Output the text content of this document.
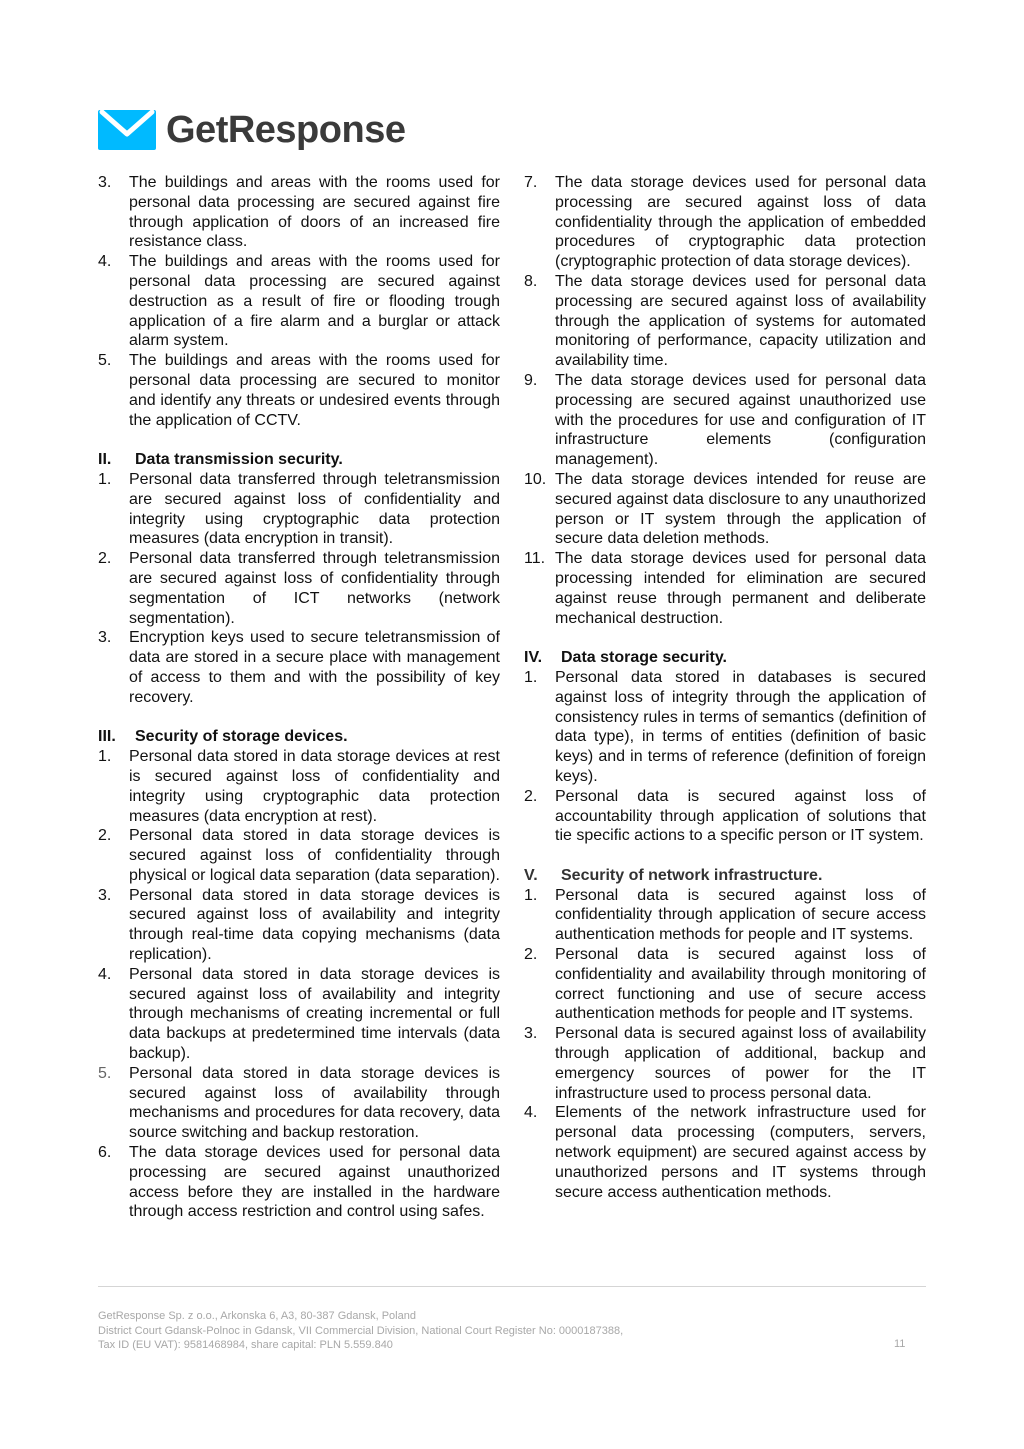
GetResponse
3. The buildings and areas with the rooms used for personal data processing are secured against fire through application of doors of an increased fire resistance class.
4. The buildings and areas with the rooms used for personal data processing are secured against destruction as a result of fire or flooding trough application of a fire alarm and a burglar or attack alarm system.
5. The buildings and areas with the rooms used for personal data processing are secured to monitor and identify any threats or undesired events through the application of CCTV.
II. Data transmission security.
1. Personal data transferred through teletransmission are secured against loss of confidentiality and integrity using cryptographic data protection measures (data encryption in transit).
2. Personal data transferred through teletransmission are secured against loss of confidentiality through segmentation of ICT networks (network segmentation).
3. Encryption keys used to secure teletransmission of data are stored in a secure place with management of access to them and with the possibility of key recovery.
III. Security of storage devices.
1. Personal data stored in data storage devices at rest is secured against loss of confidentiality and integrity using cryptographic data protection measures (data encryption at rest).
2. Personal data stored in data storage devices is secured against loss of confidentiality through physical or logical data separation (data separation).
3. Personal data stored in data storage devices is secured against loss of availability and integrity through real-time data copying mechanisms (data replication).
4. Personal data stored in data storage devices is secured against loss of availability and integrity through mechanisms of creating incremental or full data backups at predetermined time intervals (data backup).
5. Personal data stored in data storage devices is secured against loss of availability through mechanisms and procedures for data recovery, data source switching and backup restoration.
6. The data storage devices used for personal data processing are secured against unauthorized access before they are installed in the hardware through access restriction and control using safes.
7. The data storage devices used for personal data processing are secured against loss of data confidentiality through the application of embedded procedures of cryptographic data protection (cryptographic protection of data storage devices).
8. The data storage devices used for personal data processing are secured against loss of availability through the application of systems for automated monitoring of performance, capacity utilization and availability time.
9. The data storage devices used for personal data processing are secured against unauthorized use with the procedures for use and configuration of IT infrastructure elements (configuration management).
10. The data storage devices intended for reuse are secured against data disclosure to any unauthorized person or IT system through the application of secure data deletion methods.
11. The data storage devices used for personal data processing intended for elimination are secured against reuse through permanent and deliberate mechanical destruction.
IV. Data storage security.
1. Personal data stored in databases is secured against loss of integrity through the application of consistency rules in terms of semantics (definition of data type), in terms of entities (definition of basic keys) and in terms of reference (definition of foreign keys).
2. Personal data is secured against loss of accountability through application of solutions that tie specific actions to a specific person or IT system.
V. Security of network infrastructure.
1. Personal data is secured against loss of confidentiality through application of secure access authentication methods for people and IT systems.
2. Personal data is secured against loss of confidentiality and availability through monitoring of correct functioning and use of secure access authentication methods for people and IT systems.
3. Personal data is secured against loss of availability through application of additional, backup and emergency sources of power for the IT infrastructure used to process personal data.
4. Elements of the network infrastructure used for personal data processing (computers, servers, network equipment) are secured against access by unauthorized persons and IT systems through secure access authentication methods.
GetResponse Sp. z o.o., Arkonska 6, A3, 80-387 Gdansk, Poland
District Court Gdansk-Polnoc in Gdansk, VII Commercial Division, National Court Register No: 0000187388,
Tax ID (EU VAT): 9581468984, share capital: PLN 5.559.840	11
